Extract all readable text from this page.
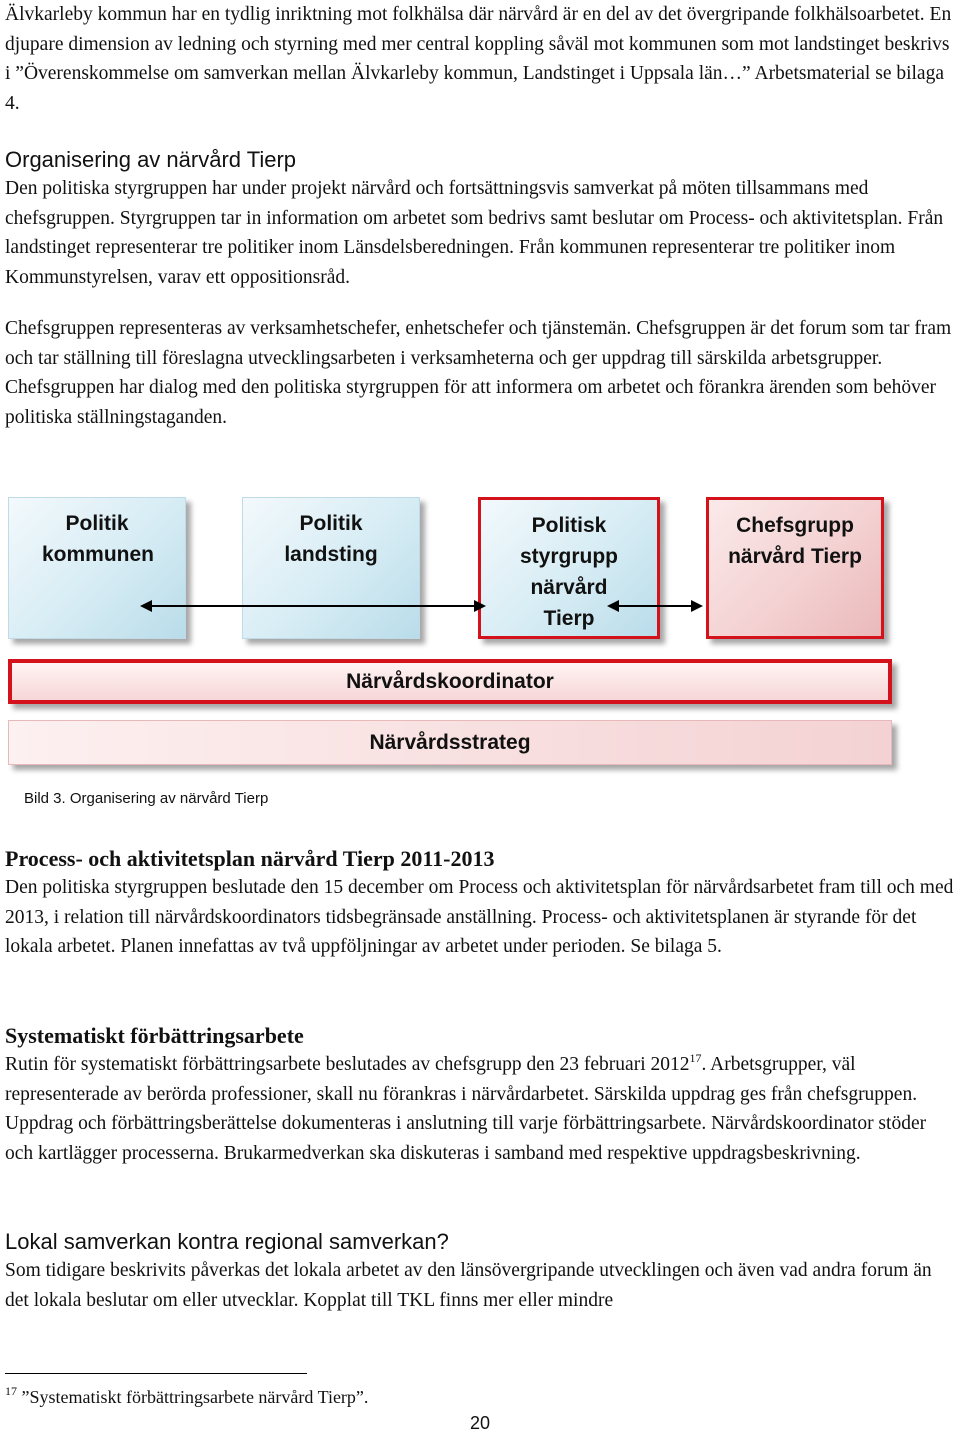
Älvkarleby kommun har en tydlig inriktning mot folkhälsa där närvård är en del av det övergripande folkhälsoarbetet. En djupare dimension av ledning och styrning med mer central koppling såväl mot kommunen som mot landstinget beskrivs i ”Överenskommelse om samverkan mellan Älvkarleby kommun, Landstinget i Uppsala län…” Arbetsmaterial se bilaga 4.

Organisering av närvård Tierp

Den politiska styrgruppen har under projekt närvård och fortsättningsvis samverkat på möten tillsammans med chefsgruppen. Styrgruppen tar in information om arbetet som bedrivs samt beslutar om Process- och aktivitetsplan. Från landstinget representerar tre politiker inom Länsdelsberedningen. Från kommunen representerar tre politiker inom Kommunstyrelsen, varav ett oppositionsråd.

Chefsgruppen representeras av verksamhetschefer, enhetschefer och tjänstemän. Chefsgruppen är det forum som tar fram och tar ställning till föreslagna utvecklingsarbeten i verksamheterna och ger uppdrag till särskilda arbetsgrupper. Chefsgruppen har dialog med den politiska styrgruppen för att informera om arbetet och förankra ärenden som behöver politiska ställningstaganden.

Politik kommunen
Politik landsting
Politisk styrgrupp närvård Tierp
Chefsgrupp närvård Tierp
Närvårdskoordinator
Närvårdsstrateg
Bild 3. Organisering av närvård Tierp
Process- och aktivitetsplan närvård Tierp 2011-2013

Den politiska styrgruppen beslutade den 15 december om Process och aktivitetsplan för närvårdsarbetet fram till och med 2013, i relation till närvårdskoordinators tidsbegränsade anställning. Process- och aktivitetsplanen är styrande för det lokala arbetet. Planen innefattas av två uppföljningar av arbetet under perioden. Se bilaga 5.

Systematiskt förbättringsarbete

Rutin för systematiskt förbättringsarbete beslutades av chefsgrupp den 23 februari 2012$^{17}$. Arbetsgrupper, väl representerade av berörda professioner, skall nu förankras i närvårdarbetet. Särskilda uppdrag ges från chefsgruppen. Uppdrag och förbättringsberättelse dokumenteras i anslutning till varje förbättringsarbete. Närvårdskoordinator stöder och kartlägger processerna. Brukarmedverkan ska diskuteras i samband med respektive uppdragsbeskrivning.

Lokal samverkan kontra regional samverkan?

Som tidigare beskrivits påverkas det lokala arbetet av den länsövergripande utvecklingen och även vad andra forum än det lokala beslutar om eller utvecklar. Kopplat till TKL finns mer eller mindre

$^{17}$ ”Systematiskt förbättringsarbete närvård Tierp”.
20
